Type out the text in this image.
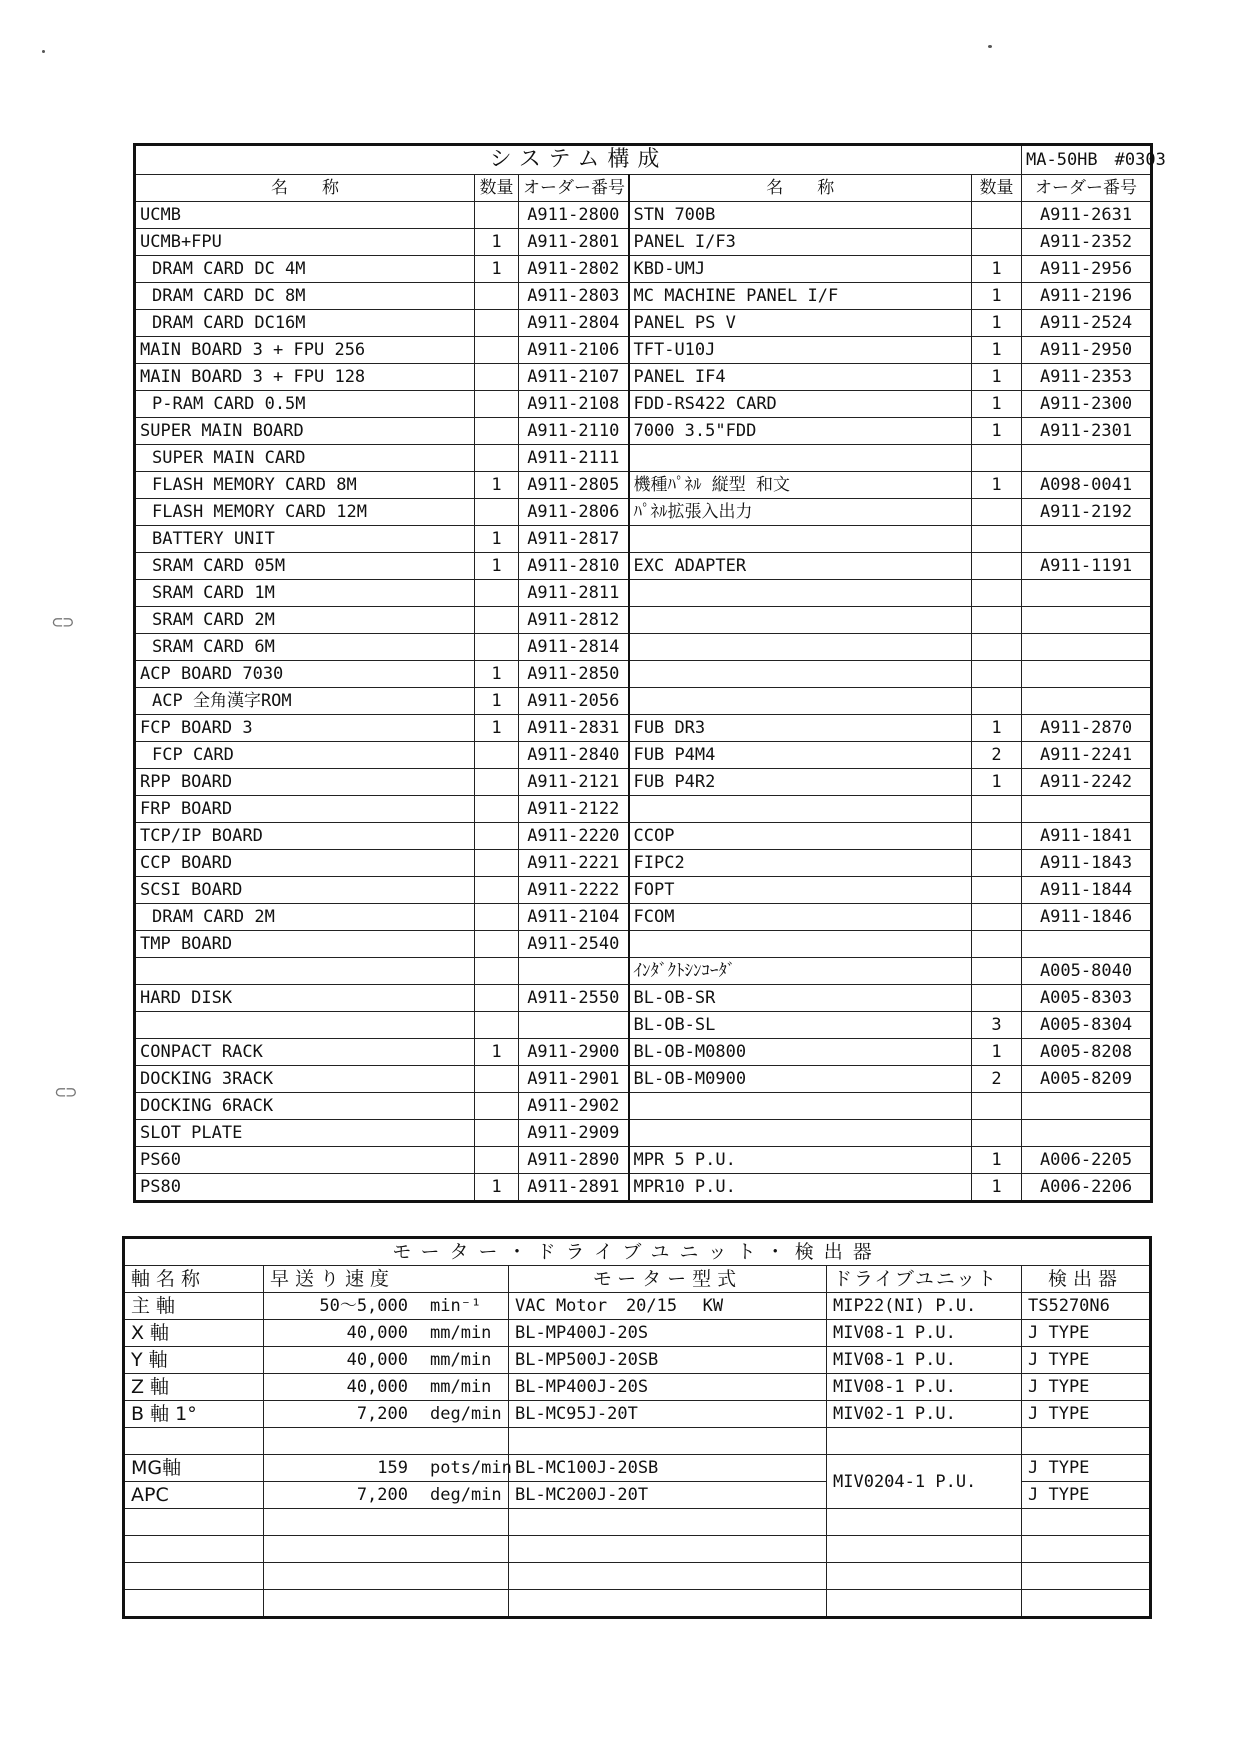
⊂⊃
⊂⊃
システム構成					MA-50HB　#0303
名　　称	数量	オーダー番号	名　　称	数量	オーダー番号
UCMB		A911-2800	STN 700B		A911-2631
UCMB+FPU	1	A911-2801	PANEL I/F3		A911-2352
DRAM CARD DC 4M	1	A911-2802	KBD-UMJ	1	A911-2956
DRAM CARD DC 8M		A911-2803	MC MACHINE PANEL I/F	1	A911-2196
DRAM CARD DC16M		A911-2804	PANEL PS V	1	A911-2524
MAIN BOARD 3 + FPU 256		A911-2106	TFT-U10J	1	A911-2950
MAIN BOARD 3 + FPU 128		A911-2107	PANEL IF4	1	A911-2353
P-RAM CARD 0.5M		A911-2108	FDD-RS422 CARD	1	A911-2300
SUPER MAIN BOARD		A911-2110	7000 3.5"FDD	1	A911-2301
SUPER MAIN CARD		A911-2111			
FLASH MEMORY CARD 8M	1	A911-2805	機種ﾊﾟﾈﾙ 縦型 和文	1	A098-0041
FLASH MEMORY CARD 12M		A911-2806	ﾊﾟﾈﾙ拡張入出力		A911-2192
BATTERY UNIT	1	A911-2817			
SRAM CARD 05M	1	A911-2810	EXC ADAPTER		A911-1191
SRAM CARD 1M		A911-2811			
SRAM CARD 2M		A911-2812			
SRAM CARD 6M		A911-2814			
ACP BOARD 7030	1	A911-2850			
ACP 全角漢字ROM	1	A911-2056			
FCP BOARD 3	1	A911-2831	FUB DR3	1	A911-2870
FCP CARD		A911-2840	FUB P4M4	2	A911-2241
RPP BOARD		A911-2121	FUB P4R2	1	A911-2242
FRP BOARD		A911-2122			
TCP/IP BOARD		A911-2220	CCOP		A911-1841
CCP BOARD		A911-2221	FIPC2		A911-1843
SCSI BOARD		A911-2222	FOPT		A911-1844
DRAM CARD 2M		A911-2104	FCOM		A911-1846
TMP BOARD		A911-2540			
			ｲﾝﾀﾞｸﾄｼﾝｺｰﾀﾞ		A005-8040
HARD DISK		A911-2550	BL-OB-SR		A005-8303
			BL-OB-SL	3	A005-8304
CONPACT RACK	1	A911-2900	BL-OB-M0800	1	A005-8208
DOCKING 3RACK		A911-2901	BL-OB-M0900	2	A005-8209
DOCKING 6RACK		A911-2902			
SLOT PLATE		A911-2909			
PS60		A911-2890	MPR 5 P.U.	1	A006-2205
PS80	1	A911-2891	MPR10 P.U.	1	A006-2206
モーター・ドライブユニット・検出器				
軸名称	早送り速度	モーター型式	ドライブユニット	検出器
主 軸	50〜5,000 min⁻¹	VAC Motor 20/15 KW	MIP22(NI) P.U.	TS5270N6
X 軸	40,000 mm/min	BL-MP400J-20S	MIV08-1 P.U.	J TYPE
Y 軸	40,000 mm/min	BL-MP500J-20SB	MIV08-1 P.U.	J TYPE
Z 軸	40,000 mm/min	BL-MP400J-20S	MIV08-1 P.U.	J TYPE
B 軸 1°	7,200 deg/min	BL-MC95J-20T	MIV02-1 P.U.	J TYPE

MG軸	159 pots/min	BL-MC100J-20SB	MIV0204-1 P.U.	J TYPE
APC	7,200 deg/min	BL-MC200J-20T		J TYPE
